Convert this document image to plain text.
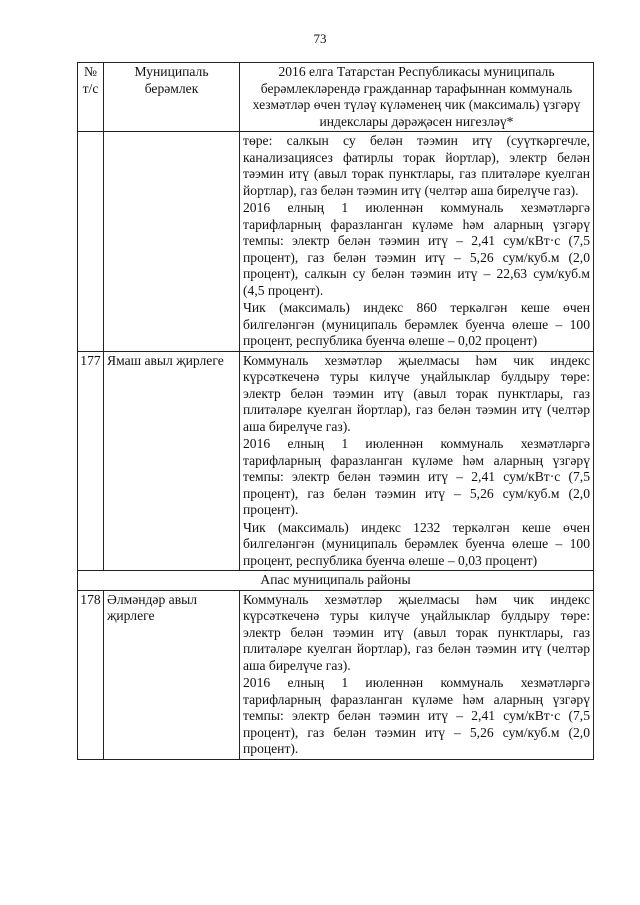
73
№ т/с	Муниципаль берәмлек	2016 елга Татарстан Республикасы муниципаль берәмлекләрендә гражданнар тарафыннан коммуналь хезмәтләр өчен түләү күләменең чик (максималь) үзгәрү индекслары дәрәҗәсен нигезләү*

		төре: салкын су белән тәэмин итү (суүткәргечле, канализациясез фатирлы торак йортлар), электр белән тәэмин итү (авыл торак пунктлары, газ плитәләре куелган йортлар), газ белән тәэмин итү (челтәр аша бирелүче газ).

2016 елның 1 июленнән коммуналь хезмәтләргә тарифларның фаразланган күләме һәм аларның үзгәрү темпы: электр белән тәэмин итү – 2,41 сум/кВт·с (7,5 процент), газ белән тәэмин итү – 5,26 сум/куб.м (2,0 процент), салкын су белән тәэмин итү – 22,63 сум/куб.м (4,5 процент).

Чик (максималь) индекс 860 теркәлгән кеше өчен билгеләнгән (муниципаль берәмлек буенча өлеше – 100 процент, республика буенча өлеше – 0,02 процент)

177	Ямаш авыл җирлеге	Коммуналь хезмәтләр җыелмасы һәм чик индекс күрсәткеченә туры килүче уңайлыклар булдыру төре: электр белән тәэмин итү (авыл торак пунктлары, газ плитәләре куелган йортлар), газ белән тәэмин итү (челтәр аша бирелүче газ).

2016 елның 1 июленнән коммуналь хезмәтләргә тарифларның фаразланган күләме һәм аларның үзгәрү темпы: электр белән тәэмин итү – 2,41 сум/кВт·с (7,5 процент), газ белән тәэмин итү – 5,26 сум/куб.м (2,0 процент).

Чик (максималь) индекс 1232 теркәлгән кеше өчен билгеләнгән (муниципаль берәмлек буенча өлеше – 100 процент, республика буенча өлеше – 0,03 процент)

Апас муниципаль районы		
178	Әлмәндәр авыл җирлеге	Коммуналь хезмәтләр җыелмасы һәм чик индекс күрсәткеченә туры килүче уңайлыклар булдыру төре: электр белән тәэмин итү (авыл торак пунктлары, газ плитәләре куелган йортлар), газ белән тәэмин итү (челтәр аша бирелүче газ).

2016 елның 1 июленнән коммуналь хезмәтләргә тарифларның фаразланган күләме һәм аларның үзгәрү темпы: электр белән тәэмин итү – 2,41 сум/кВт·с (7,5 процент), газ белән тәэмин итү – 5,26 сум/куб.м (2,0 процент).
